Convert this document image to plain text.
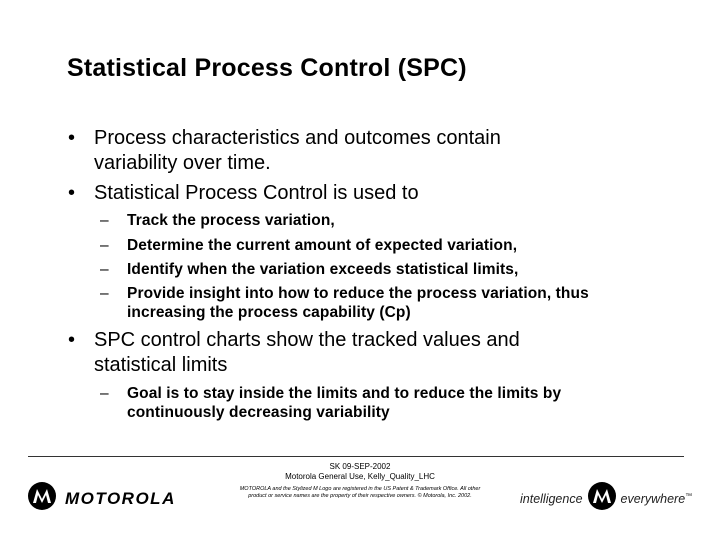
Statistical Process Control (SPC)
• Process characteristics and outcomes contain
variability over time.
• Statistical Process Control is used to
– Track the process variation,
– Determine the current amount of expected variation,
– Identify when the variation exceeds statistical limits,
– Provide insight into how to reduce the process variation, thus
increasing the process capability (Cp)
• SPC control charts show the tracked values and
statistical limits
– Goal is to stay inside the limits and to reduce the limits by
continuously decreasing variability
MOTOROLA
SK 09-SEP-2002
Motorola General Use, Kelly_Quality_LHC
MOTOROLA and the Stylized M Logo are registered in the US Patent & Trademark Office. All other
product or service names are the property of their respective owners. © Motorola, Inc. 2002.	intelligence	everywhere™
